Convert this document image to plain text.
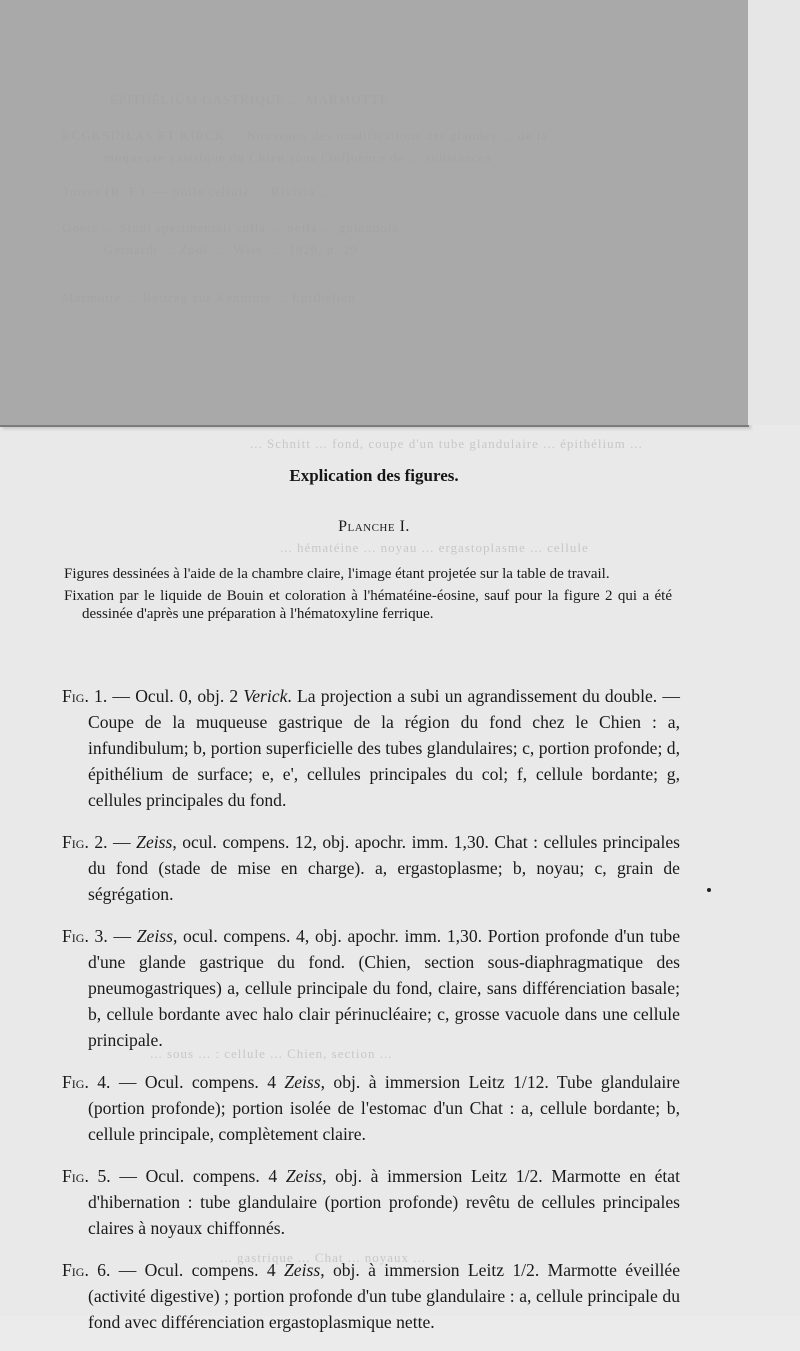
EPITHÉLIUM GASTRIQUE ... MARMOTTE
RCGKSINLAS ET KIRCK ... Nouveaux des modifications des glandes ... de la
muqueuse gastrique du Chien sous l'influence de ... substances
Torres (R. F.). — Sulle cellule ... Rivista ...
Goetz ... Studi sperimentali sulla ... nella ... ghiandola
Gerhardt ... Zool. ... Wiss. ... 1920, p. 29
Marmotte ... Beitrag zur Kenntnis ... Epithelien
... Schnitt ... fond, coupe d'un tube glandulaire ... épithélium ...
... hématéine ... noyau ... ergastoplasme ... cellule
... sous ... : cellule ... Chien, section ...
... gastrique ... Chat ... noyaux ...
Explication des figures.
Planche I.

Figures dessinées à l'aide de la chambre claire, l'image étant projetée sur la table de travail.

Fixation par le liquide de Bouin et coloration à l'hématéine-éosine, sauf pour la figure 2 qui a été dessinée d'après une préparation à l'hématoxyline ferrique.

Fig. 1. — Ocul. 0, obj. 2 Verick. La projection a subi un agrandissement du double. — Coupe de la muqueuse gastrique de la région du fond chez le Chien : a, infundibulum; b, portion superficielle des tubes glandulaires; c, portion profonde; d, épithélium de surface; e, e', cellules principales du col; f, cellule bordante; g, cellules principales du fond.

Fig. 2. — Zeiss, ocul. compens. 12, obj. apochr. imm. 1,30. Chat : cellules principales du fond (stade de mise en charge). a, ergastoplasme; b, noyau; c, grain de ségrégation.

Fig. 3. — Zeiss, ocul. compens. 4, obj. apochr. imm. 1,30. Portion profonde d'un tube d'une glande gastrique du fond. (Chien, section sous-diaphragmatique des pneumogastriques) a, cellule principale du fond, claire, sans différenciation basale; b, cellule bordante avec halo clair périnucléaire; c, grosse vacuole dans une cellule principale.

Fig. 4. — Ocul. compens. 4 Zeiss, obj. à immersion Leitz 1/12. Tube glandulaire (portion profonde); portion isolée de l'estomac d'un Chat : a, cellule bordante; b, cellule principale, complètement claire.

Fig. 5. — Ocul. compens. 4 Zeiss, obj. à immersion Leitz 1/2. Marmotte en état d'hibernation : tube glandulaire (portion profonde) revêtu de cellules principales claires à noyaux chiffonnés.

Fig. 6. — Ocul. compens. 4 Zeiss, obj. à immersion Leitz 1/2. Marmotte éveillée (activité digestive) ; portion profonde d'un tube glandulaire : a, cellule principale du fond avec différenciation ergastoplasmique nette.
